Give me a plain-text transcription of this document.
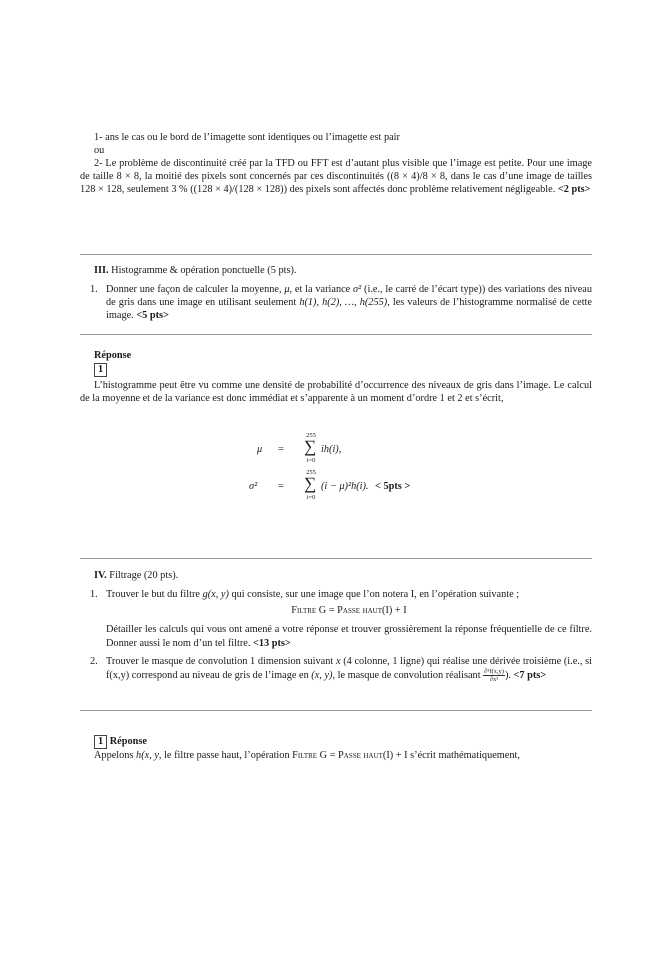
1- ans le cas ou le bord de l’imagette sont identiques ou l’imagette est pair
ou
2- Le problème de discontinuité créé par la TFD ou FFT est d’autant plus visible que l’image est petite. Pour une image de taille 8 × 8, la moitié des pixels sont concernés par ces discontinuités ((8 × 4)/8 × 8, dans le cas d’une image de tailles 128 × 128, seulement 3 % ((128 × 4)/(128 × 128)) des pixels sont affectés donc problème relativement négligeable. <2 pts>
III. Histogramme & opération ponctuelle (5 pts).
1. Donner une façon de calculer la moyenne, μ, et la variance σ² (i.e., le carré de l’écart type)) des variations des niveau de gris dans une image en utilisant seulement h(1), h(2), …, h(255), les valeurs de l’histogramme normalisé de cette image. <5 pts>
Réponse
1
L’histogramme peut être vu comme une densité de probabilité d’occurrence des niveaux de gris dans l’image. Le calcul de la moyenne et de la variance est donc immédiat et s’apparente à un moment d’ordre 1 et 2 et s’écrit,
μ =
255
∑
i=0
ih(i),
σ² =
255
∑
i=0
(i − μ)²h(i). < 5pts >
IV. Filtrage (20 pts).
1. Trouver le but du filtre g(x, y) qui consiste, sur une image que l’on notera I, en l’opération suivante ;
Filtre G = Passe haut(I) + I
Détailler les calculs qui vous ont amené a votre réponse et trouver grossièrement la réponse fréquentielle de ce filtre. Donner aussi le nom d’un tel filtre. <13 pts>
2. Trouver le masque de convolution 1 dimension suivant x (4 colonne, 1 ligne) qui réalise une dérivée troisième (i.e., si f(x,y) correspond au niveau de gris de l’image en (x, y), le masque de convolution réalisant $\frac{\text{∂³f(x,y)}}{\text{∂x³}}$ ). <7 pts>
1 Réponse
Appelons h(x, y, le filtre passe haut, l’opération Filtre G = Passe haut(I) + I s’écrit mathématiquement,
